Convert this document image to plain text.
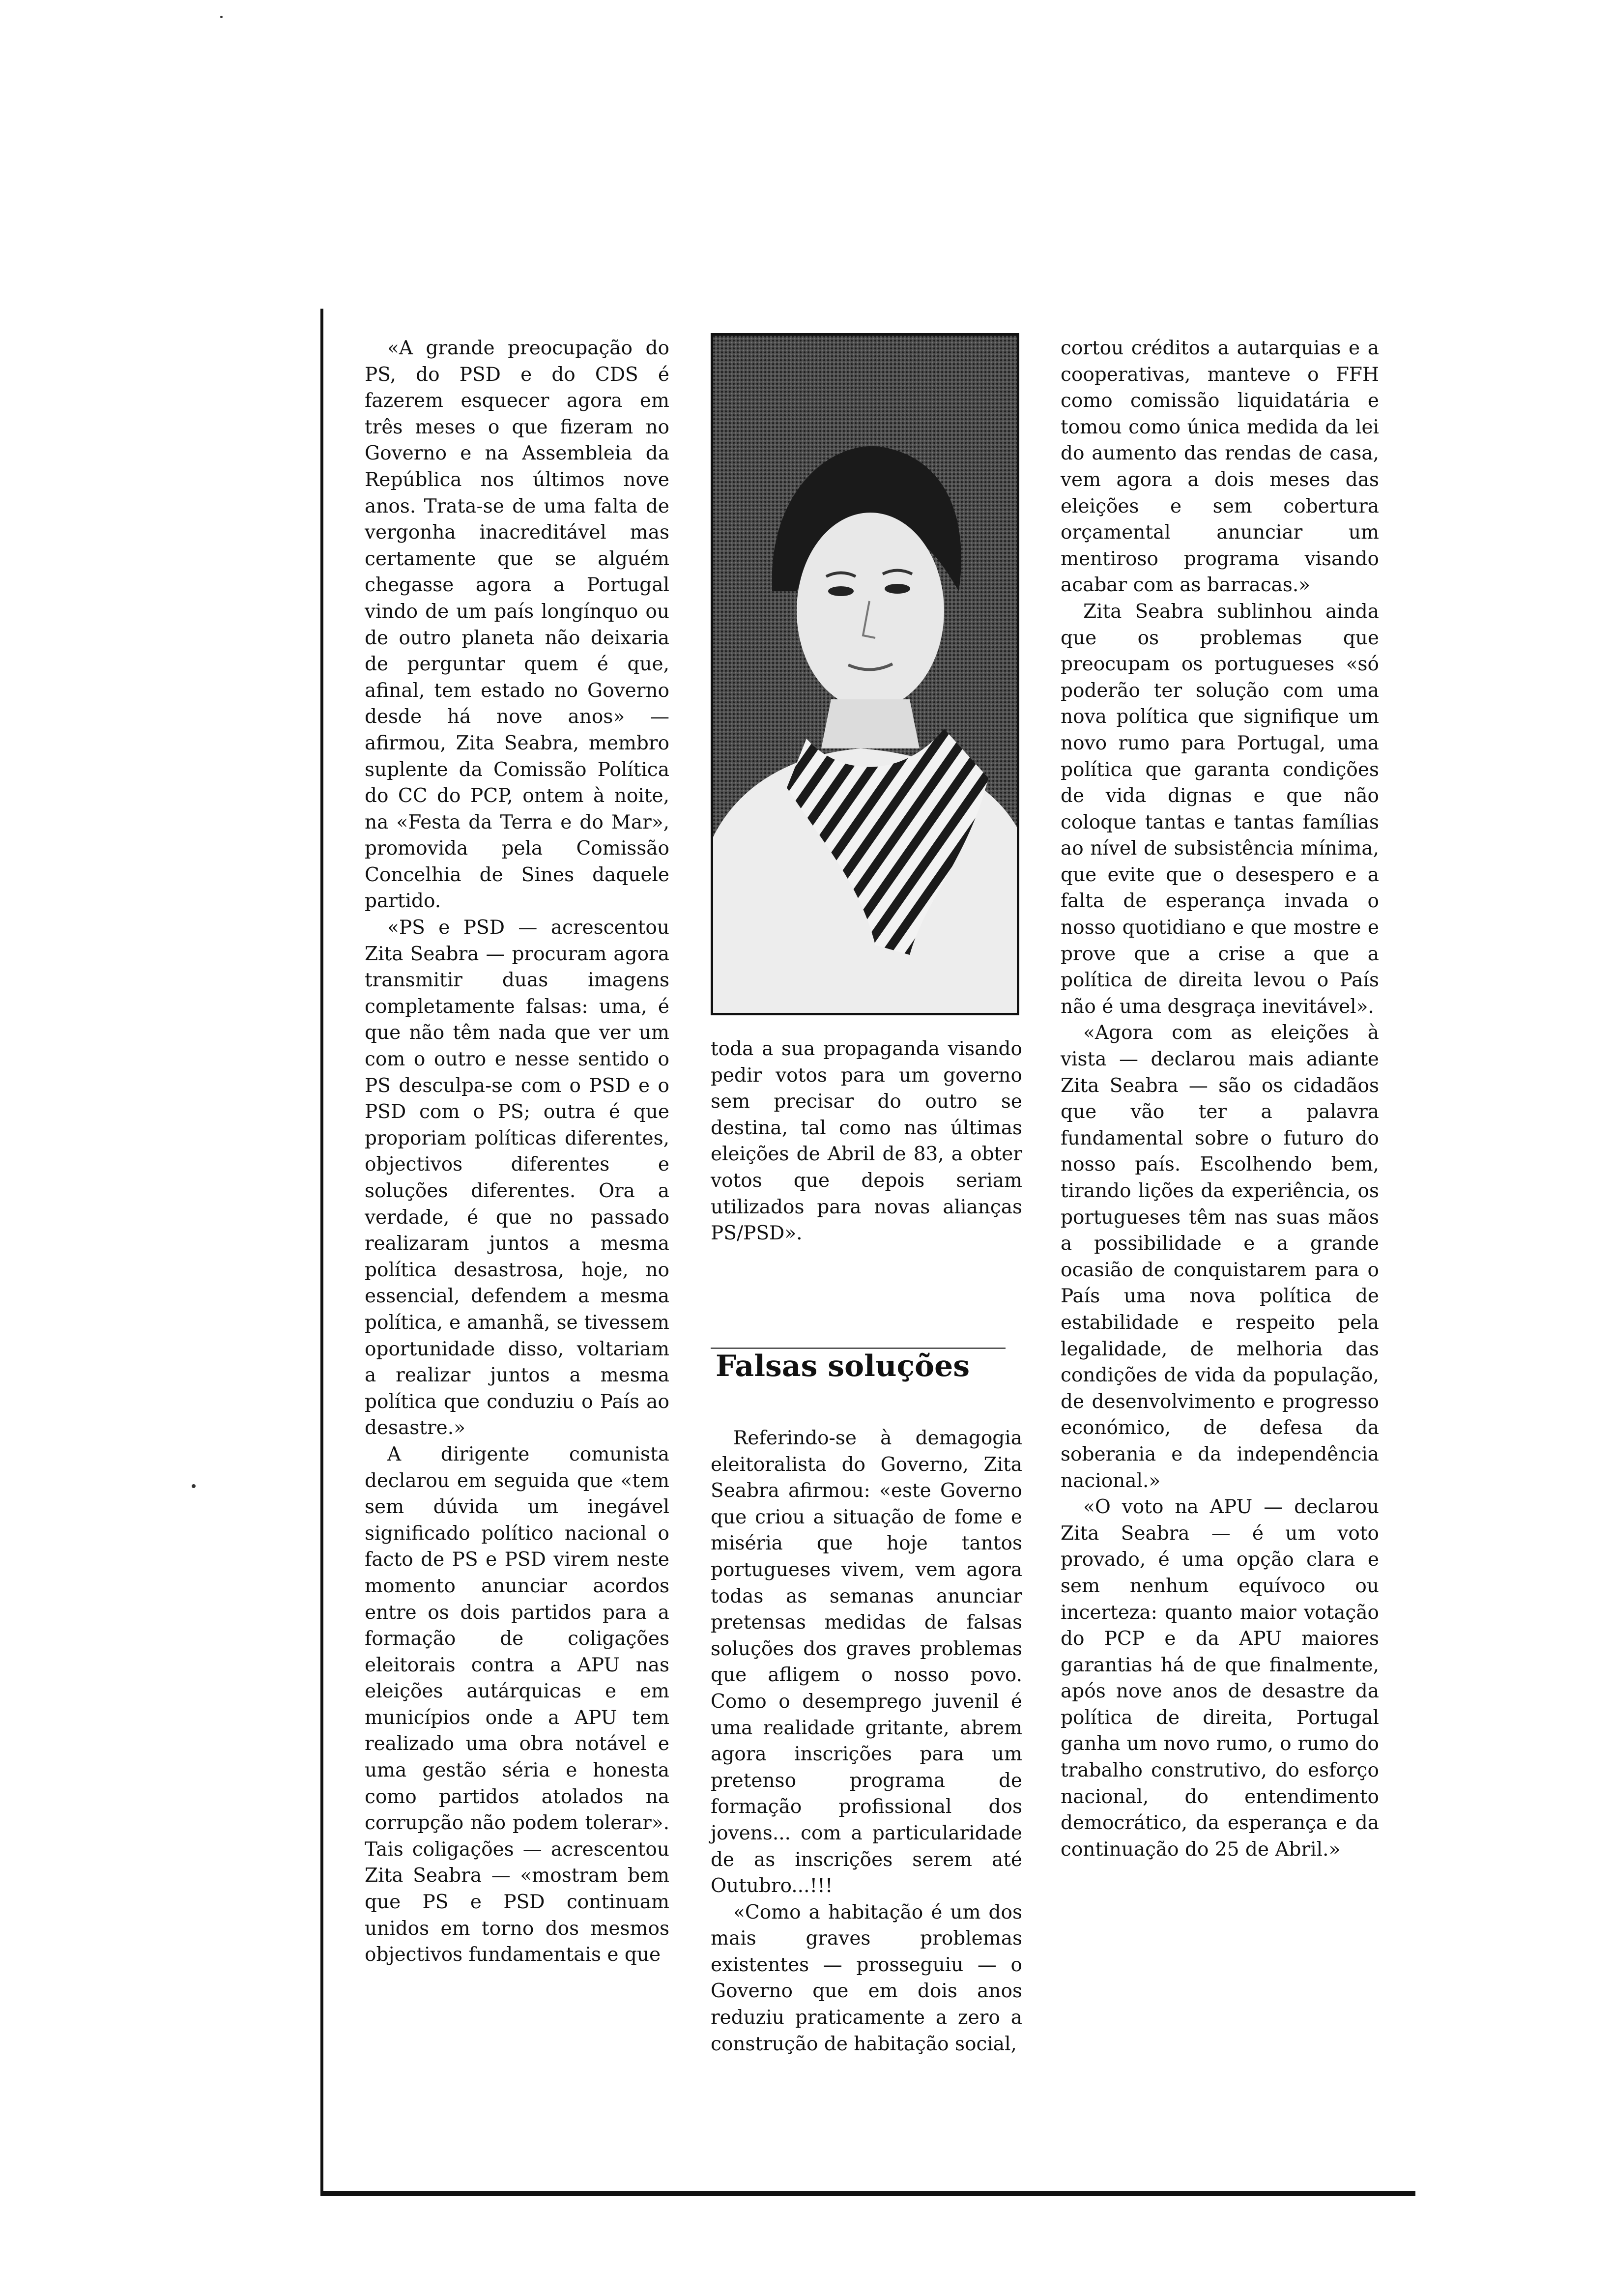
«A grande preocupação do PS, do PSD e do CDS é fazerem esquecer agora em três meses o que fizeram no Governo e na Assembleia da República nos últimos nove anos. Trata-se de uma falta de vergonha inacreditável mas certamente que se alguém chegasse agora a Portugal vindo de um país longínquo ou de outro planeta não deixaria de perguntar quem é que, afinal, tem estado no Governo desde há nove anos» — afirmou, Zita Seabra, membro suplente da Comissão Política do CC do PCP, ontem à noite, na «Festa da Terra e do Mar», promovida pela Comissão Concelhia de Sines daquele partido.

«PS e PSD — acrescentou Zita Seabra — procuram agora transmitir duas imagens completamente falsas: uma, é que não têm nada que ver um com o outro e nesse sentido o PS desculpa-se com o PSD e o PSD com o PS; outra é que proporiam políticas diferentes, objectivos diferentes e soluções diferentes. Ora a verdade, é que no passado realizaram juntos a mesma política desastrosa, hoje, no essencial, defendem a mesma política, e amanhã, se tivessem oportunidade disso, voltariam a realizar juntos a mesma política que conduziu o País ao desastre.»

A dirigente comunista declarou em seguida que «tem sem dúvida um inegável significado político nacional o facto de PS e PSD virem neste momento anunciar acordos entre os dois partidos para a formação de coligações eleitorais contra a APU nas eleições autárquicas e em municípios onde a APU tem realizado uma obra notável e uma gestão séria e honesta como partidos atolados na corrupção não podem tolerar». Tais coligações — acrescentou Zita Seabra — «mostram bem que PS e PSD continuam unidos em torno dos mesmos objectivos fundamentais e que

toda a sua propaganda visando pedir votos para um governo sem precisar do outro se destina, tal como nas últimas eleições de Abril de 83, a obter votos que depois seriam utilizados para novas alianças PS/PSD».

Falsas soluções

Referindo-se à demagogia eleitoralista do Governo, Zita Seabra afirmou: «este Governo que criou a situação de fome e miséria que hoje tantos portugueses vivem, vem agora todas as semanas anunciar pretensas medidas de falsas soluções dos graves problemas que afligem o nosso povo. Como o desemprego juvenil é uma realidade gritante, abrem agora inscrições para um pretenso programa de formação profissional dos jovens... com a particularidade de as inscrições serem até Outubro...!!!

«Como a habitação é um dos mais graves problemas existentes — prosseguiu — o Governo que em dois anos reduziu praticamente a zero a construção de habitação social,

cortou créditos a autarquias e a cooperativas, manteve o FFH como comissão liquidatária e tomou como única medida da lei do aumento das rendas de casa, vem agora a dois meses das eleições e sem cobertura orçamental anunciar um mentiroso programa visando acabar com as barracas.»

Zita Seabra sublinhou ainda que os problemas que preocupam os portugueses «só poderão ter solução com uma nova política que signifique um novo rumo para Portugal, uma política que garanta condições de vida dignas e que não coloque tantas e tantas famílias ao nível de subsistência mínima, que evite que o desespero e a falta de esperança invada o nosso quotidiano e que mostre e prove que a crise a que a política de direita levou o País não é uma desgraça inevitável».

«Agora com as eleições à vista — declarou mais adiante Zita Seabra — são os cidadãos que vão ter a palavra fundamental sobre o futuro do nosso país. Escolhendo bem, tirando lições da experiência, os portugueses têm nas suas mãos a possibilidade e a grande ocasião de conquistarem para o País uma nova política de estabilidade e respeito pela legalidade, de melhoria das condições de vida da população, de desenvolvimento e progresso económico, de defesa da soberania e da independência nacional.»

«O voto na APU — declarou Zita Seabra — é um voto provado, é uma opção clara e sem nenhum equívoco ou incerteza: quanto maior votação do PCP e da APU maiores garantias há de que finalmente, após nove anos de desastre da política de direita, Portugal ganha um novo rumo, o rumo do trabalho construtivo, do esforço nacional, do entendimento democrático, da esperança e da continuação do 25 de Abril.»
